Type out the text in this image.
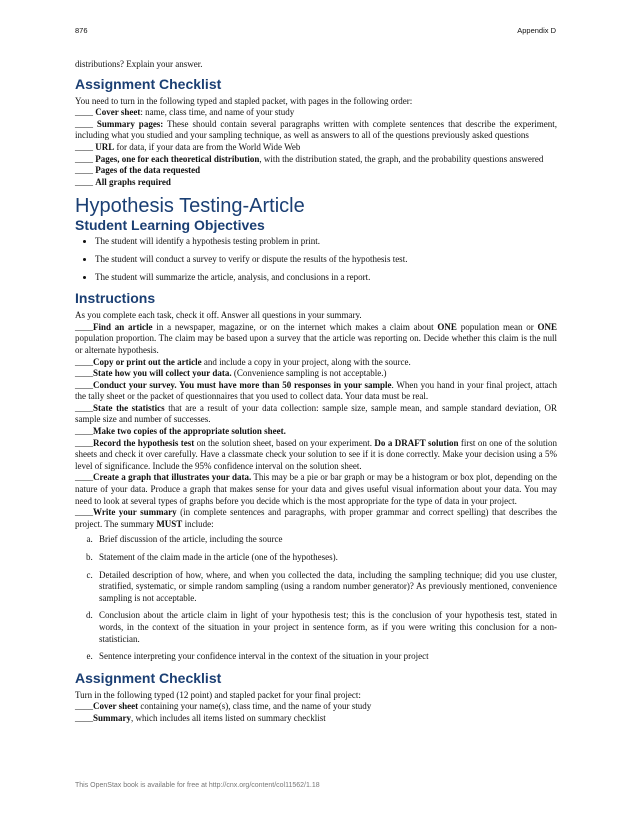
876	Appendix D

distributions? Explain your answer.

Assignment Checklist

You need to turn in the following typed and stapled packet, with pages in the following order:

____ Cover sheet: name, class time, and name of your study

____ Summary pages: These should contain several paragraphs written with complete sentences that describe the experiment, including what you studied and your sampling technique, as well as answers to all of the questions previously asked questions

____ URL for data, if your data are from the World Wide Web

____ Pages, one for each theoretical distribution, with the distribution stated, the graph, and the probability questions answered

____ Pages of the data requested

____ All graphs required

Hypothesis Testing-Article
Student Learning Objectives
• The student will identify a hypothesis testing problem in print.
• The student will conduct a survey to verify or dispute the results of the hypothesis test.
• The student will summarize the article, analysis, and conclusions in a report.
Instructions

As you complete each task, check it off. Answer all questions in your summary.

____Find an article in a newspaper, magazine, or on the internet which makes a claim about ONE population mean or ONE population proportion. The claim may be based upon a survey that the article was reporting on. Decide whether this claim is the null or alternate hypothesis.

____Copy or print out the article and include a copy in your project, along with the source.

____State how you will collect your data. (Convenience sampling is not acceptable.)

____Conduct your survey. You must have more than 50 responses in your sample. When you hand in your final project, attach the tally sheet or the packet of questionnaires that you used to collect data. Your data must be real.

____State the statistics that are a result of your data collection: sample size, sample mean, and sample standard deviation, OR sample size and number of successes.

____Make two copies of the appropriate solution sheet.

____Record the hypothesis test on the solution sheet, based on your experiment. Do a DRAFT solution first on one of the solution sheets and check it over carefully. Have a classmate check your solution to see if it is done correctly. Make your decision using a 5% level of significance. Include the 95% confidence interval on the solution sheet.

____Create a graph that illustrates your data. This may be a pie or bar graph or may be a histogram or box plot, depending on the nature of your data. Produce a graph that makes sense for your data and gives useful visual information about your data. You may need to look at several types of graphs before you decide which is the most appropriate for the type of data in your project.

____Write your summary (in complete sentences and paragraphs, with proper grammar and correct spelling) that describes the project. The summary MUST include:

a. Brief discussion of the article, including the source
b. Statement of the claim made in the article (one of the hypotheses).
c. Detailed description of how, where, and when you collected the data, including the sampling technique; did you use cluster, stratified, systematic, or simple random sampling (using a random number generator)? As previously mentioned, convenience sampling is not acceptable.
d. Conclusion about the article claim in light of your hypothesis test; this is the conclusion of your hypothesis test, stated in words, in the context of the situation in your project in sentence form, as if you were writing this conclusion for a non-statistician.
e. Sentence interpreting your confidence interval in the context of the situation in your project
Assignment Checklist

Turn in the following typed (12 point) and stapled packet for your final project:

____Cover sheet containing your name(s), class time, and the name of your study

____Summary, which includes all items listed on summary checklist

This OpenStax book is available for free at http://cnx.org/content/col11562/1.18
